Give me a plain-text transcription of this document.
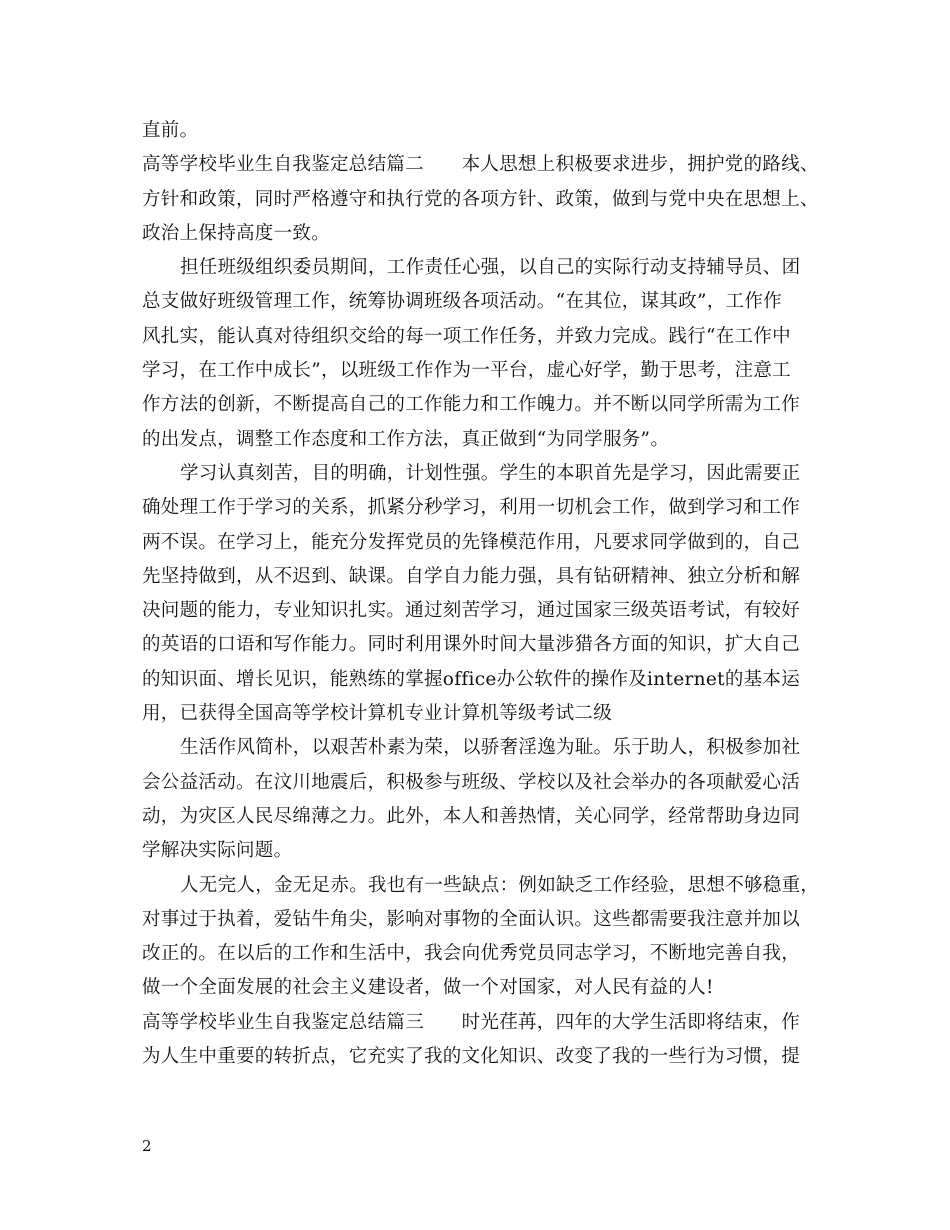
直前。
高等学校毕业生自我鉴定总结篇二　　本人思想上积极要求进步，拥护党的路线、
方针和政策，同时严格遵守和执行党的各项方针、政策，做到与党中央在思想上、
政治上保持高度一致。
担任班级组织委员期间，工作责任心强，以自己的实际行动支持辅导员、团
总支做好班级管理工作，统筹协调班级各项活动。“在其位，谋其政”，工作作
风扎实，能认真对待组织交给的每一项工作任务，并致力完成。践行“在工作中
学习，在工作中成长”，以班级工作作为一平台，虚心好学，勤于思考，注意工
作方法的创新，不断提高自己的工作能力和工作魄力。并不断以同学所需为工作
的出发点，调整工作态度和工作方法，真正做到“为同学服务”。
学习认真刻苦，目的明确，计划性强。学生的本职首先是学习，因此需要正
确处理工作于学习的关系，抓紧分秒学习，利用一切机会工作，做到学习和工作
两不误。在学习上，能充分发挥党员的先锋模范作用，凡要求同学做到的，自己
先坚持做到，从不迟到、缺课。自学自力能力强，具有钻研精神、独立分析和解
决问题的能力，专业知识扎实。通过刻苦学习，通过国家三级英语考试，有较好
的英语的口语和写作能力。同时利用课外时间大量涉猎各方面的知识，扩大自己
的知识面、增长见识，能熟练的掌握office办公软件的操作及internet的基本运
用，已获得全国高等学校计算机专业计算机等级考试二级
生活作风简朴，以艰苦朴素为荣，以骄奢淫逸为耻。乐于助人，积极参加社
会公益活动。在汶川地震后，积极参与班级、学校以及社会举办的各项献爱心活
动，为灾区人民尽绵薄之力。此外，本人和善热情，关心同学，经常帮助身边同
学解决实际问题。
人无完人，金无足赤。我也有一些缺点：例如缺乏工作经验，思想不够稳重，
对事过于执着，爱钻牛角尖，影响对事物的全面认识。这些都需要我注意并加以
改正的。在以后的工作和生活中，我会向优秀党员同志学习，不断地完善自我，
做一个全面发展的社会主义建设者，做一个对国家，对人民有益的人!
高等学校毕业生自我鉴定总结篇三　　时光荏苒，四年的大学生活即将结束，作
为人生中重要的转折点，它充实了我的文化知识、改变了我的一些行为习惯，提
2
